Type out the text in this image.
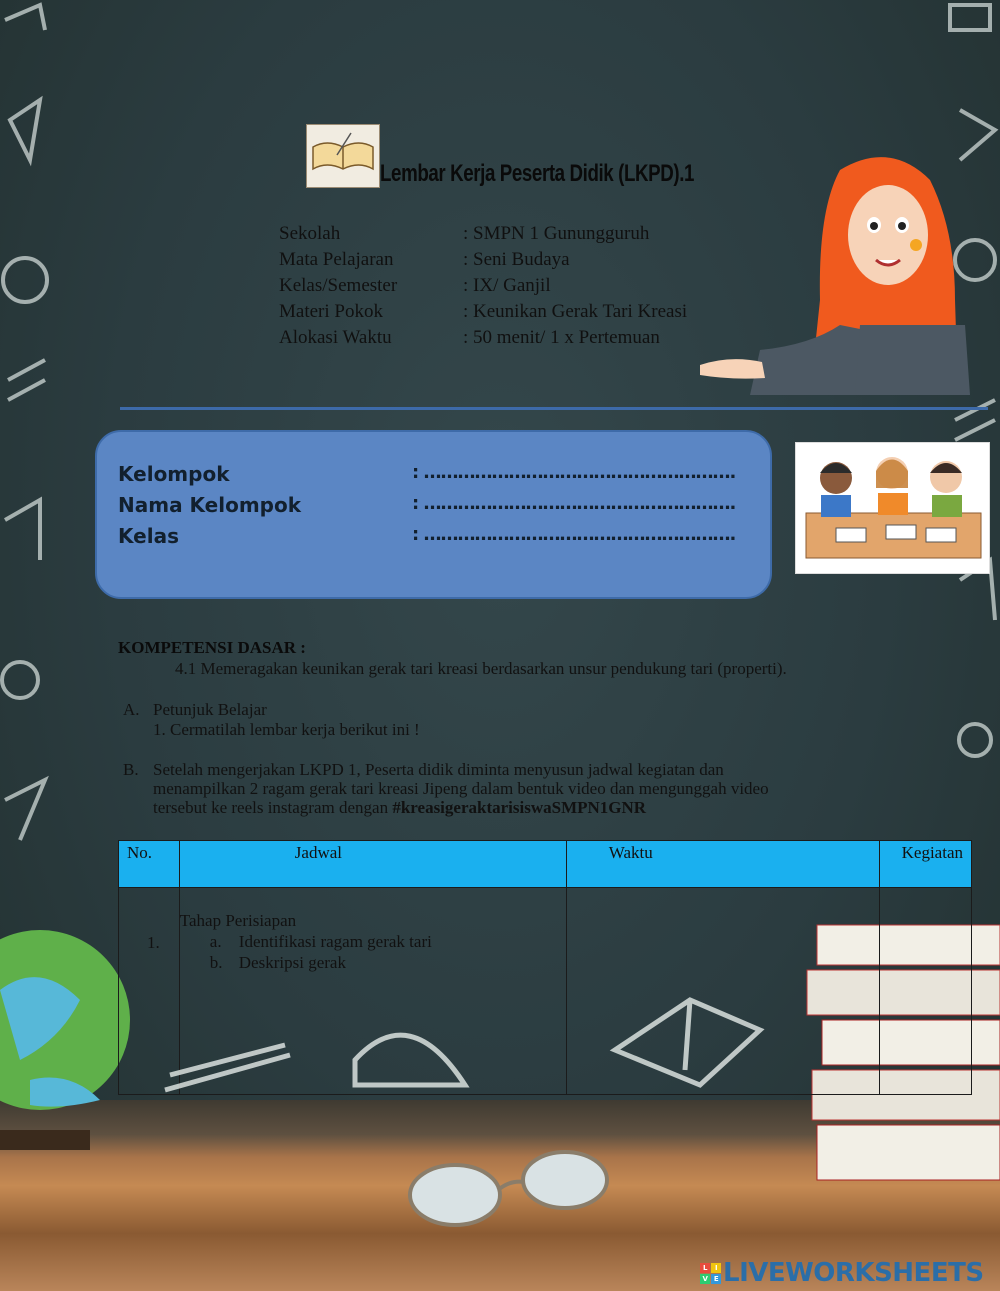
Lembar Kerja Peserta Didik (LKPD).1
Sekolah	: SMPN 1 Gunungguruh
Mata Pelajaran	: Seni Budaya
Kelas/Semester	: IX/ Ganjil
Materi Pokok	: Keunikan Gerak Tari Kreasi
Alokasi Waktu	: 50 menit/ 1 x Pertemuan
Kelompok	: ……………………………………………….
Nama Kelompok	: ……………………………………………….
Kelas	: ……………………………………………….
KOMPETENSI DASAR :
4.1 Memeragakan keunikan gerak tari kreasi berdasarkan unsur pendukung tari (properti).
A. Petunjuk Belajar
1. Cermatilah lembar kerja berikut ini !
B. Setelah mengerjakan LKPD 1, Peserta didik diminta menyusun jadwal kegiatan dan
menampilkan 2 ragam gerak tari kreasi Jipeng dalam bentuk video dan mengunggah video
tersebut ke reels instagram dengan #kreasigeraktarisiswaSMPN1GNR
No.	Jadwal	Waktu	Kegiatan

1.	Tahap Perisiapan
a. Identifikasi ragam gerak tari
b. Deskripsi gerak		

L	I
V E LIVEWORKSHEETS
